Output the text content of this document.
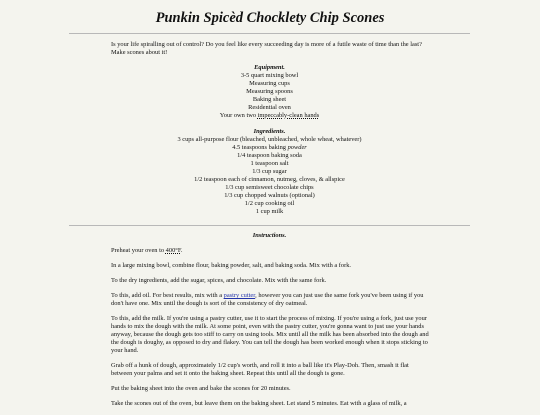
Punkin Spicèd Chocklety Chip Scones
Is your life spiralling out of control? Do you feel like every succeeding day is more of a futile waste of time than the last? Make scones about it!
Equipment.
3-5 quart mixing bowl
Measuring cups
Measuring spoons
Baking sheet
Residential oven
Your own two impeccably-clean hands
Ingredients.
3 cups all-purpose flour (bleached, unbleached, whole wheat, whatever)
4.5 teaspoons baking powder
1/4 teaspoon baking soda
1 teaspoon salt
1/3 cup sugar
1/2 teaspoon each of cinnamon, nutmeg, cloves, & allspice
1/3 cup semisweet chocolate chips
1/3 cup chopped walnuts (optional)
1/2 cup cooking oil
1 cup milk
Instructions.

Preheat your oven to 400°F.

In a large mixing bowl, combine flour, baking powder, salt, and baking soda. Mix with a fork.

To the dry ingredients, add the sugar, spices, and chocolate. Mix with the same fork.

To this, add oil. For best results, mix with a pastry cutter, however you can just use the same fork you've been using if you don't have one. Mix until the dough is sort of the consistency of dry oatmeal.

To this, add the milk. If you're using a pastry cutter, use it to start the process of mixing. If you're using a fork, just use your hands to mix the dough with the milk. At some point, even with the pastry cutter, you're gonna want to just use your hands anyway, because the dough gets too stiff to carry on using tools. Mix until all the milk has been absorbed into the dough and the dough is doughy, as opposed to dry and flakey. You can tell the dough has been worked enough when it stops sticking to your hand.

Grab off a hunk of dough, approximately 1/2 cup's worth, and roll it into a ball like it's Play-Doh. Then, smash it flat between your palms and set it onto the baking sheet. Repeat this until all the dough is gone.

Put the baking sheet into the oven and bake the scones for 20 minutes.

Take the scones out of the oven, but leave them on the baking sheet. Let stand 5 minutes. Eat with a glass of milk, a
